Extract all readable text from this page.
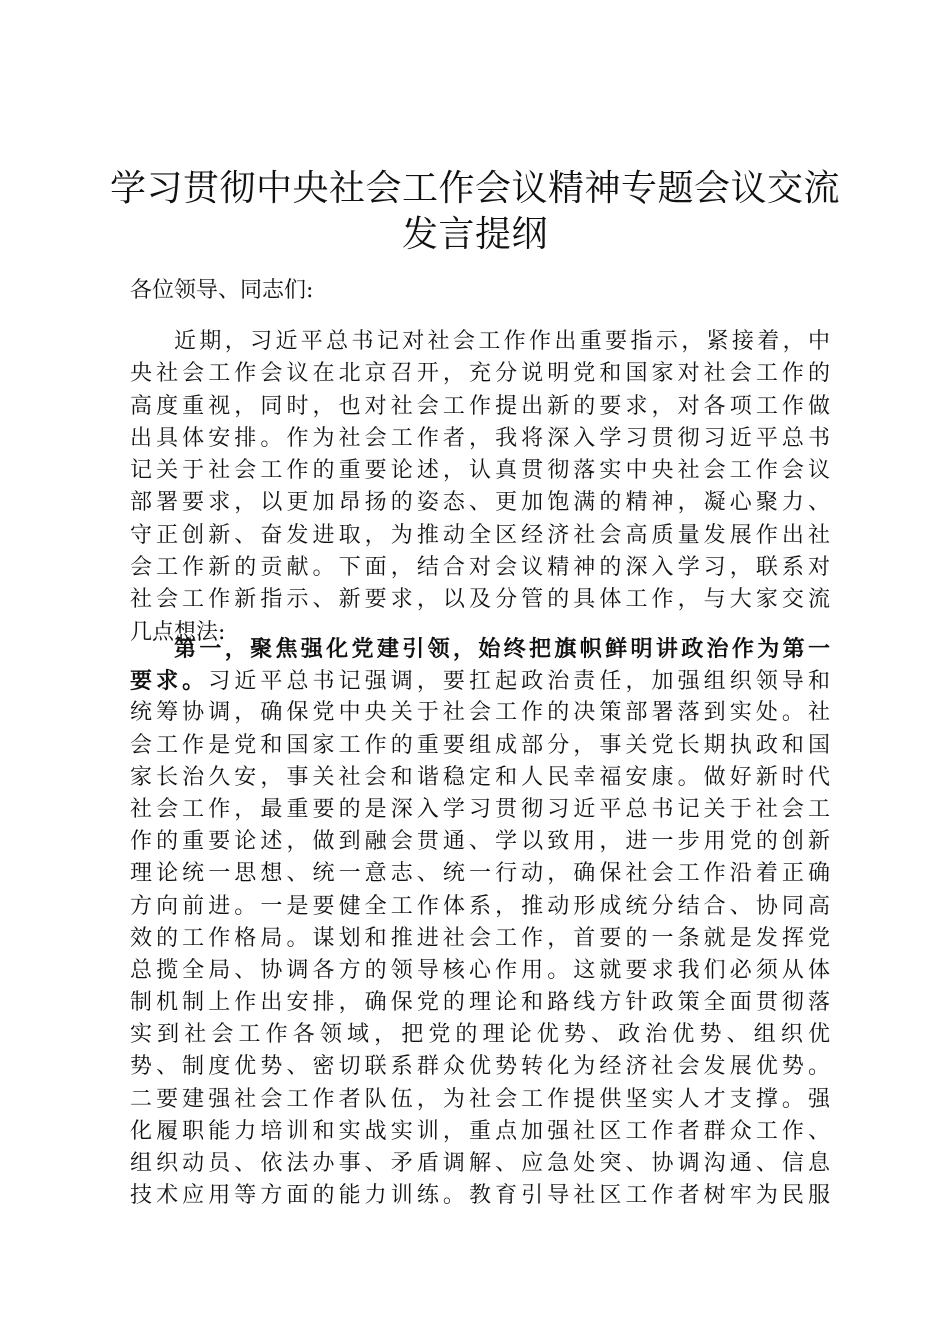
学习贯彻中央社会工作会议精神专题会议交流
发言提纲

各位领导、同志们:

近期，习近平总书记对社会工作作出重要指示，紧接着，中
央社会工作会议在北京召开，充分说明党和国家对社会工作的
高度重视，同时，也对社会工作提出新的要求，对各项工作做
出具体安排。作为社会工作者，我将深入学习贯彻习近平总书
记关于社会工作的重要论述，认真贯彻落实中央社会工作会议
部署要求，以更加昂扬的姿态、更加饱满的精神，凝心聚力、
守正创新、奋发进取，为推动全区经济社会高质量发展作出社
会工作新的贡献。下面，结合对会议精神的深入学习，联系对
社会工作新指示、新要求，以及分管的具体工作，与大家交流
几点想法:
第一，聚焦强化党建引领，始终把旗帜鲜明讲政治作为第一
要求。习近平总书记强调，要扛起政治责任，加强组织领导和
统筹协调，确保党中央关于社会工作的决策部署落到实处。社
会工作是党和国家工作的重要组成部分，事关党长期执政和国
家长治久安，事关社会和谐稳定和人民幸福安康。做好新时代
社会工作，最重要的是深入学习贯彻习近平总书记关于社会工
作的重要论述，做到融会贯通、学以致用，进一步用党的创新
理论统一思想、统一意志、统一行动，确保社会工作沿着正确
方向前进。一是要健全工作体系，推动形成统分结合、协同高
效的工作格局。谋划和推进社会工作，首要的一条就是发挥党
总揽全局、协调各方的领导核心作用。这就要求我们必须从体
制机制上作出安排，确保党的理论和路线方针政策全面贯彻落
实到社会工作各领域，把党的理论优势、政治优势、组织优
势、制度优势、密切联系群众优势转化为经济社会发展优势。
二要建强社会工作者队伍，为社会工作提供坚实人才支撑。强
化履职能力培训和实战实训，重点加强社区工作者群众工作、
组织动员、依法办事、矛盾调解、应急处突、协调沟通、信息
技术应用等方面的能力训练。教育引导社区工作者树牢为民服
